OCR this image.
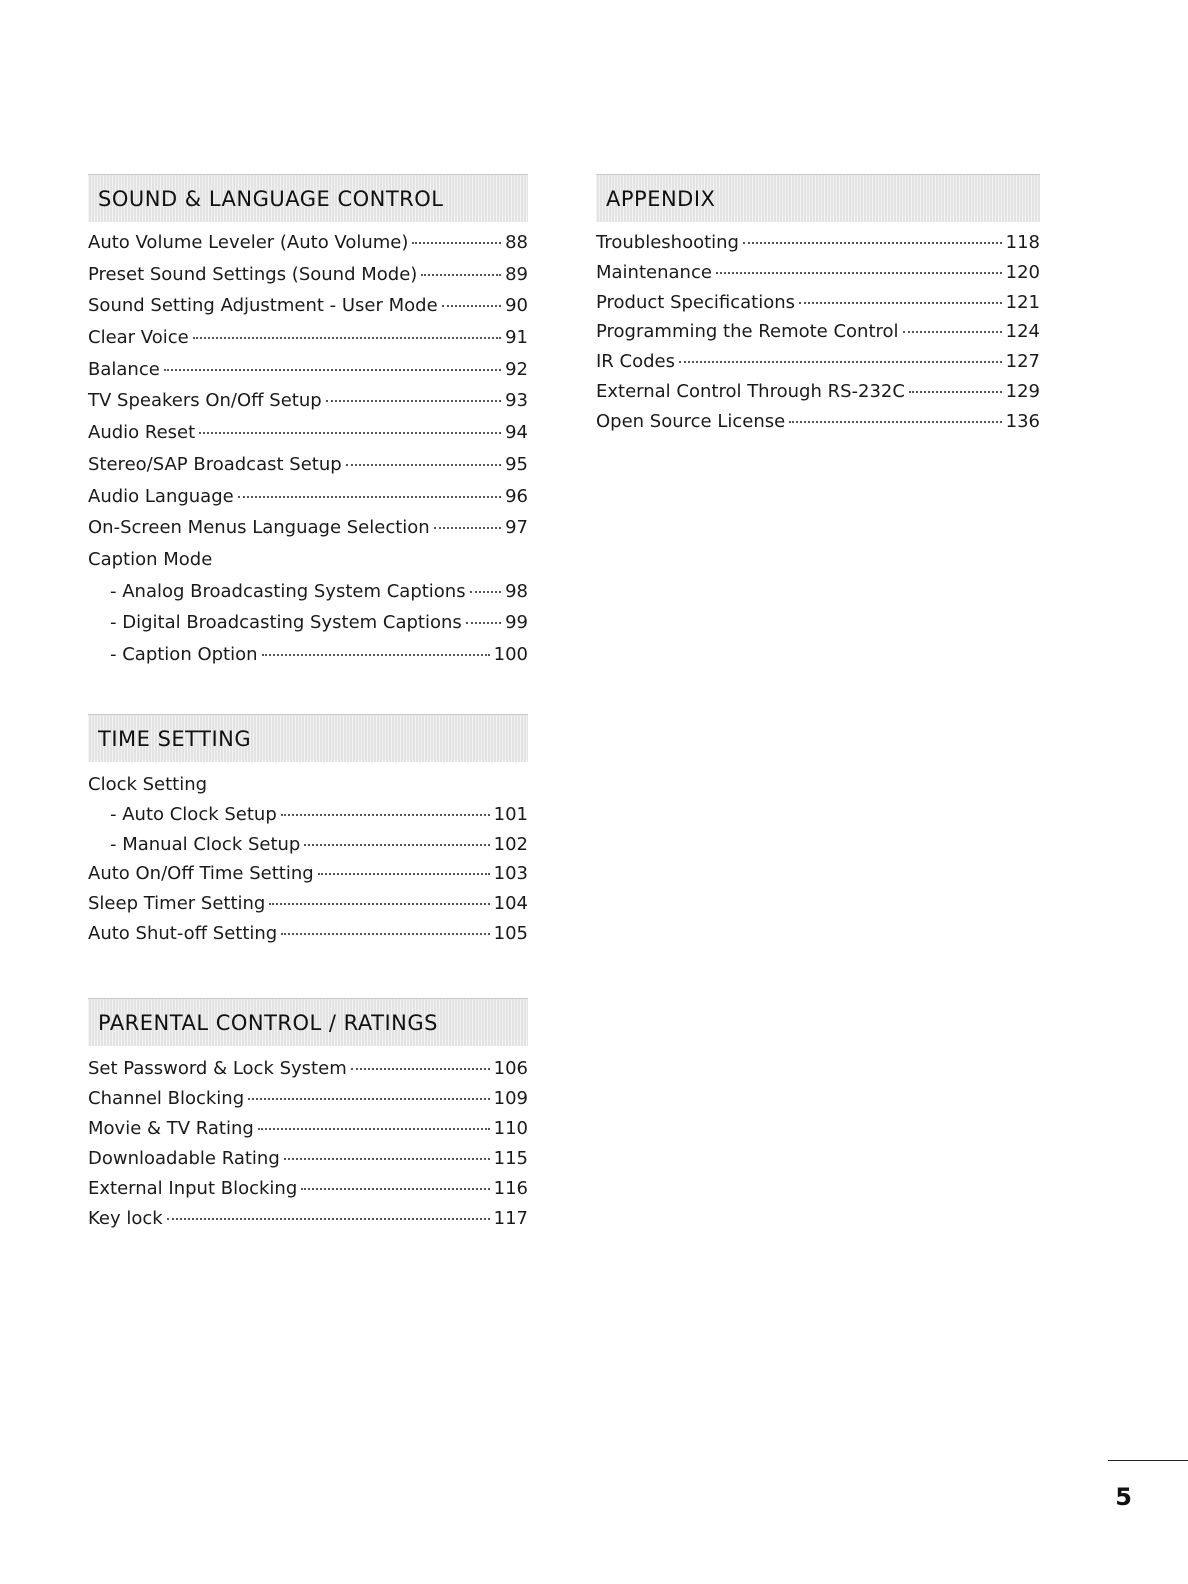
SOUND & LANGUAGE CONTROL
Auto Volume Leveler (Auto Volume)	88
Preset Sound Settings (Sound Mode)	89
Sound Setting Adjustment - User Mode	90
Clear Voice	91
Balance	92
TV Speakers On/Off Setup	93
Audio Reset	94
Stereo/SAP Broadcast Setup	95
Audio Language	96
On-Screen Menus Language Selection	97
Caption Mode
- Analog Broadcasting System Captions 98
- Digital Broadcasting System Captions 99
- Caption Option	100
TIME SETTING
Clock Setting
- Auto Clock Setup	101
- Manual Clock Setup	102
Auto On/Off Time Setting	103
Sleep Timer Setting	104
Auto Shut-off Setting	105
PARENTAL CONTROL / RATINGS
Set Password & Lock System	106
Channel Blocking	109
Movie & TV Rating	110
Downloadable Rating	115
External Input Blocking	116
Key lock	117
APPENDIX
Troubleshooting	118
Maintenance	120
Product Specifications	121
Programming the Remote Control	124
IR Codes	127
External Control Through RS-232C	129
Open Source License	136
5
